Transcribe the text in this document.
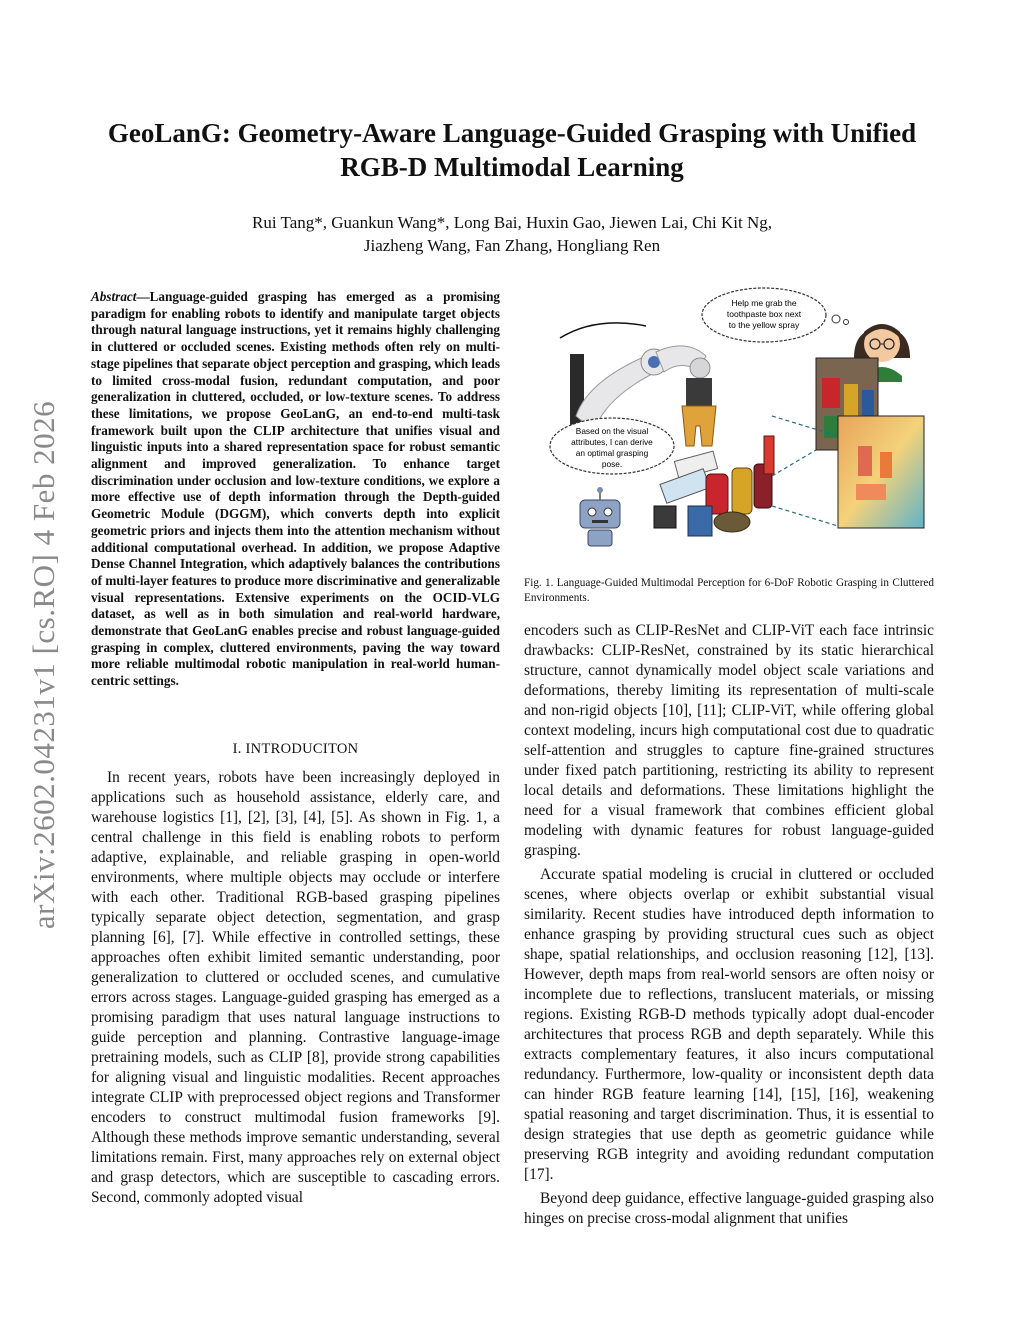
arXiv:2602.04231v1 [cs.RO] 4 Feb 2026
GeoLanG: Geometry-Aware Language-Guided Grasping with Unified
RGB-D Multimodal Learning
Rui Tang*, Guankun Wang*, Long Bai, Huxin Gao, Jiewen Lai, Chi Kit Ng,
Jiazheng Wang, Fan Zhang, Hongliang Ren
Abstract—Language-guided grasping has emerged as a promising paradigm for enabling robots to identify and manipulate target objects through natural language instructions, yet it remains highly challenging in cluttered or occluded scenes. Existing methods often rely on multi-stage pipelines that separate object perception and grasping, which leads to limited cross-modal fusion, redundant computation, and poor generalization in cluttered, occluded, or low-texture scenes. To address these limitations, we propose GeoLanG, an end-to-end multi-task framework built upon the CLIP architecture that unifies visual and linguistic inputs into a shared representation space for robust semantic alignment and improved generalization. To enhance target discrimination under occlusion and low-texture conditions, we explore a more effective use of depth information through the Depth-guided Geometric Module (DGGM), which converts depth into explicit geometric priors and injects them into the attention mechanism without additional computational overhead. In addition, we propose Adaptive Dense Channel Integration, which adaptively balances the contributions of multi-layer features to produce more discriminative and generalizable visual representations. Extensive experiments on the OCID-VLG dataset, as well as in both simulation and real-world hardware, demonstrate that GeoLanG enables precise and robust language-guided grasping in complex, cluttered environments, paving the way toward more reliable multimodal robotic manipulation in real-world human-centric settings.
I. INTRODUCITON

In recent years, robots have been increasingly deployed in applications such as household assistance, elderly care, and warehouse logistics [1], [2], [3], [4], [5]. As shown in Fig. 1, a central challenge in this field is enabling robots to perform adaptive, explainable, and reliable grasping in open-world environments, where multiple objects may occlude or interfere with each other. Traditional RGB-based grasping pipelines typically separate object detection, segmentation, and grasp planning [6], [7]. While effective in controlled settings, these approaches often exhibit limited semantic understanding, poor generalization to cluttered or occluded scenes, and cumulative errors across stages. Language-guided grasping has emerged as a promising paradigm that uses natural language instructions to guide perception and planning. Contrastive language-image pretraining models, such as CLIP [8], provide strong capabilities for aligning visual and linguistic modalities. Recent approaches integrate CLIP with preprocessed object regions and Transformer encoders to construct multimodal fusion frameworks [9]. Although these methods improve semantic understanding, several limitations remain. First, many approaches rely on external object and grasp detectors, which are susceptible to cascading errors. Second, commonly adopted visual

Help me grab the
toothpaste box next
to the yellow spray
Based on the visual
attributes, I can derive
an optimal grasping
pose.
Fig. 1. Language-Guided Multimodal Perception for 6-DoF Robotic Grasping in Cluttered Environments.

encoders such as CLIP-ResNet and CLIP-ViT each face intrinsic drawbacks: CLIP-ResNet, constrained by its static hierarchical structure, cannot dynamically model object scale variations and deformations, thereby limiting its representation of multi-scale and non-rigid objects [10], [11]; CLIP-ViT, while offering global context modeling, incurs high computational cost due to quadratic self-attention and struggles to capture fine-grained structures under fixed patch partitioning, restricting its ability to represent local details and deformations. These limitations highlight the need for a visual framework that combines efficient global modeling with dynamic features for robust language-guided grasping.

Accurate spatial modeling is crucial in cluttered or occluded scenes, where objects overlap or exhibit substantial visual similarity. Recent studies have introduced depth information to enhance grasping by providing structural cues such as object shape, spatial relationships, and occlusion reasoning [12], [13]. However, depth maps from real-world sensors are often noisy or incomplete due to reflections, translucent materials, or missing regions. Existing RGB-D methods typically adopt dual-encoder architectures that process RGB and depth separately. While this extracts complementary features, it also incurs computational redundancy. Furthermore, low-quality or inconsistent depth data can hinder RGB feature learning [14], [15], [16], weakening spatial reasoning and target discrimination. Thus, it is essential to design strategies that use depth as geometric guidance while preserving RGB integrity and avoiding redundant computation [17].

Beyond deep guidance, effective language-guided grasping also hinges on precise cross-modal alignment that unifies
